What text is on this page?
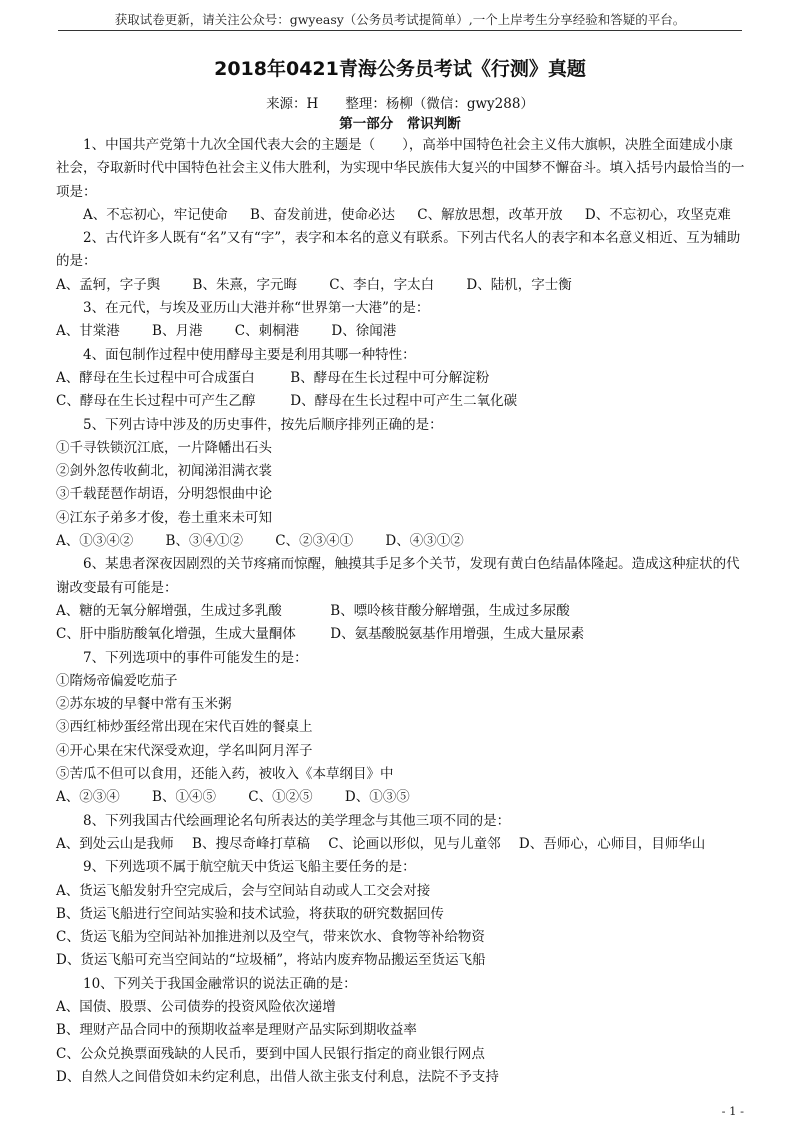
获取试卷更新，请关注公众号：gwyeasy（公务员考试提简单）,一个上岸考生分享经验和答疑的平台。
2018年0421青海公务员考试《行测》真题
来源：H　　整理：杨柳（微信：gwy288）
第一部分　常识判断

1、中国共产党第十九次全国代表大会的主题是（　　），高举中国特色社会主义伟大旗帜，决胜全面建成小康社会，夺取新时代中国特色社会主义伟大胜利，为实现中华民族伟大复兴的中国梦不懈奋斗。填入括号内最恰当的一项是：

A、不忘初心，牢记使命 B、奋发前进，使命必达 C、解放思想，改革开放 D、不忘初心，攻坚克难

2、古代许多人既有“名”又有“字”，表字和本名的意义有联系。下列古代名人的表字和本名意义相近、互为辅助的是：

A、孟轲，字子舆 B、朱熹，字元晦 C、李白，字太白 D、陆机，字士衡

3、在元代，与埃及亚历山大港并称“世界第一大港”的是：

A、甘棠港 B、月港 C、刺桐港 D、徐闻港

4、面包制作过程中使用酵母主要是利用其哪一种特性：

A、酵母在生长过程中可合成蛋白	B、酵母在生长过程中可分解淀粉

C、酵母在生长过程中可产生乙醇	D、酵母在生长过程中可产生二氧化碳

5、下列古诗中涉及的历史事件，按先后顺序排列正确的是：

①千寻铁锁沉江底，一片降幡出石头

②剑外忽传收蓟北，初闻涕泪满衣裳

③千载琵琶作胡语，分明怨恨曲中论

④江东子弟多才俊，卷土重来未可知

A、①③④② B、③④①② C、②③④① D、④③①②

6、某患者深夜因剧烈的关节疼痛而惊醒，触摸其手足多个关节，发现有黄白色结晶体隆起。造成这种症状的代谢改变最有可能是：

A、糖的无氧分解增强，生成过多乳酸	B、嘌呤核苷酸分解增强，生成过多尿酸

C、肝中脂肪酸氧化增强，生成大量酮体	D、氨基酸脱氨基作用增强，生成大量尿素

7、下列选项中的事件可能发生的是：

①隋炀帝偏爱吃茄子

②苏东坡的早餐中常有玉米粥

③西红柿炒蛋经常出现在宋代百姓的餐桌上

④开心果在宋代深受欢迎，学名叫阿月浑子

⑤苦瓜不但可以食用，还能入药，被收入《本草纲目》中

A、②③④ B、①④⑤ C、①②⑤ D、①③⑤

8、下列我国古代绘画理论名句所表达的美学理念与其他三项不同的是：

A、到处云山是我师 B、搜尽奇峰打草稿 C、论画以形似，见与儿童邻 D、吾师心，心师目，目师华山

9、下列选项不属于航空航天中货运飞船主要任务的是：

A、货运飞船发射升空完成后，会与空间站自动或人工交会对接

B、货运飞船进行空间站实验和技术试验，将获取的研究数据回传

C、货运飞船为空间站补加推进剂以及空气，带来饮水、食物等补给物资

D、货运飞船可充当空间站的“垃圾桶”，将站内废弃物品搬运至货运飞船

10、下列关于我国金融常识的说法正确的是：

A、国债、股票、公司债券的投资风险依次递增

B、理财产品合同中的预期收益率是理财产品实际到期收益率

C、公众兑换票面残缺的人民币，要到中国人民银行指定的商业银行网点

D、自然人之间借贷如未约定利息，出借人欲主张支付利息，法院不予支持

- 1 -
